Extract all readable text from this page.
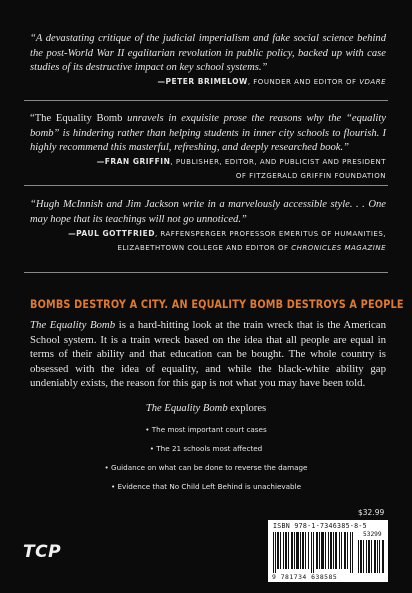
“A devastating critique of the judicial imperialism and fake social science behind the post-World War II egalitarian revolution in public policy, backed up with case studies of its destructive impact on key school systems.”
—PETER BRIMELOW, FOUNDER AND EDITOR OF VDARE
“The Equality Bomb unravels in exquisite prose the reasons why the “equality bomb” is hindering rather than helping students in inner city schools to flourish. I highly recommend this masterful, refreshing, and deeply researched book.”
—FRAN GRIFFIN, PUBLISHER, EDITOR, AND PUBLICIST AND PRESIDENT
OF FITZGERALD GRIFFIN FOUNDATION
“Hugh McInnish and Jim Jackson write in a marvelously accessible style. . . One may hope that its teachings will not go unnoticed.”
—PAUL GOTTFRIED, RAFFENSPERGER PROFESSOR EMERITUS OF HUMANITIES,
ELIZABETHTOWN COLLEGE AND EDITOR OF CHRONICLES MAGAZINE
BOMBS DESTROY A CITY. AN EQUALITY BOMB DESTROYS A PEOPLE
The Equality Bomb is a hard-hitting look at the train wreck that is the American School system. It is a train wreck based on the idea that all people are equal in terms of their ability and that education can be bought. The whole country is obsessed with the idea of equality, and while the black-white ability gap undeniably exists, the reason for this gap is not what you may have been told.
The Equality Bomb explores
• The most important court cases
• The 21 schools most affected
• Guidance on what can be done to reverse the damage
• Evidence that No Child Left Behind is unachievable
$32.99
TCP
ISBN 978-1-7346385-8-5
53299
9 781734 638585
